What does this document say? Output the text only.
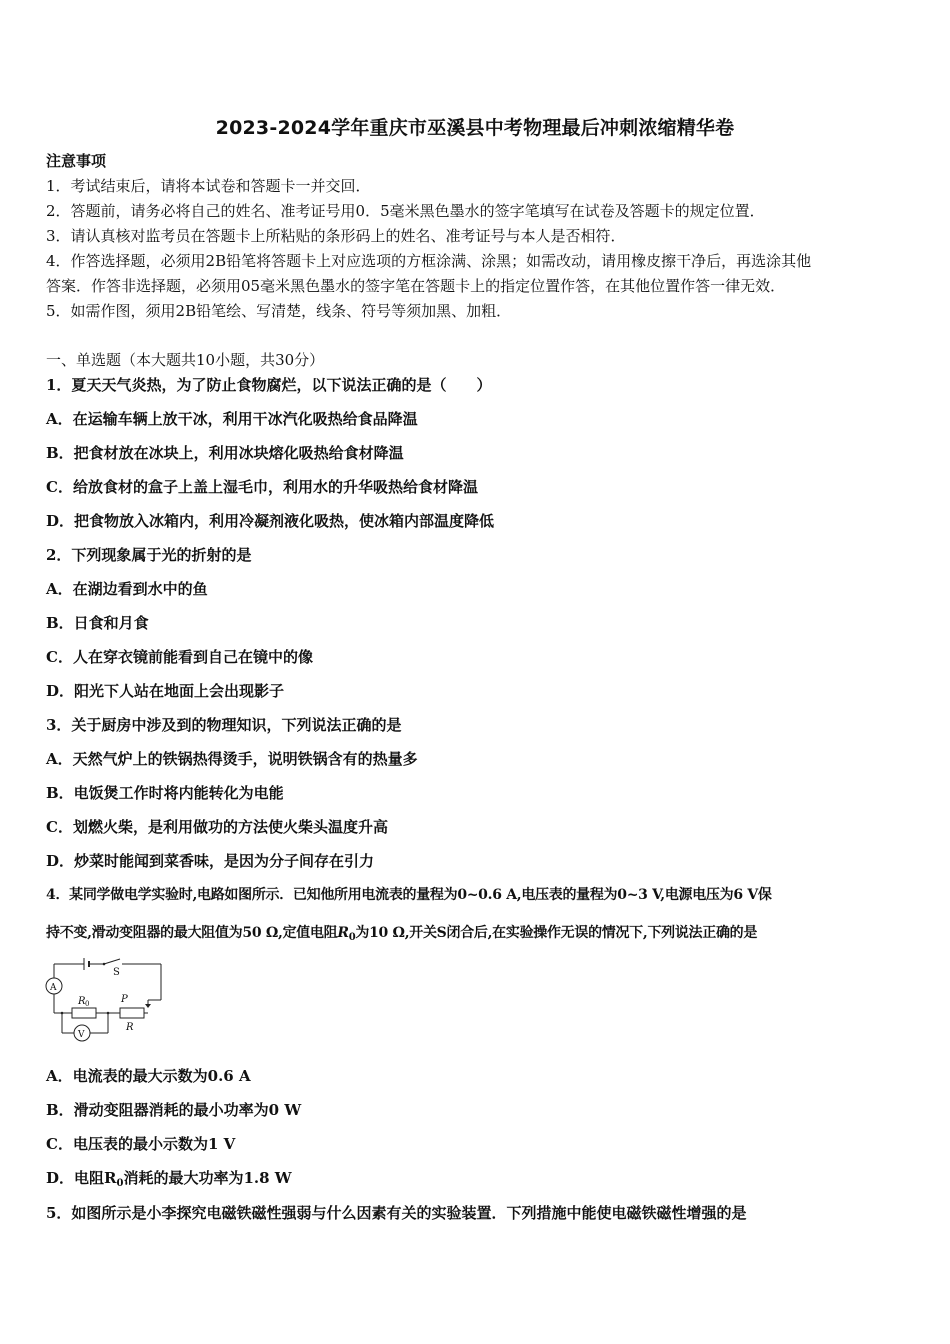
2023-2024学年重庆市巫溪县中考物理最后冲刺浓缩精华卷
注意事项
1．考试结束后，请将本试卷和答题卡一并交回．
2．答题前，请务必将自己的姓名、准考证号用0．5毫米黑色墨水的签字笔填写在试卷及答题卡的规定位置．
3．请认真核对监考员在答题卡上所粘贴的条形码上的姓名、准考证号与本人是否相符．
4．作答选择题，必须用2B铅笔将答题卡上对应选项的方框涂满、涂黑；如需改动，请用橡皮擦干净后，再选涂其他
答案．作答非选择题，必须用05毫米黑色墨水的签字笔在答题卡上的指定位置作答，在其他位置作答一律无效．
5．如需作图，须用2B铅笔绘、写清楚，线条、符号等须加黑、加粗．
一、单选题（本大题共10小题，共30分）
1．夏天天气炎热，为了防止食物腐烂，以下说法正确的是（　　）
A．在运输车辆上放干冰，利用干冰汽化吸热给食品降温
B．把食材放在冰块上，利用冰块熔化吸热给食材降温
C．给放食材的盒子上盖上湿毛巾，利用水的升华吸热给食材降温
D．把食物放入冰箱内，利用冷凝剂液化吸热，使冰箱内部温度降低
2．下列现象属于光的折射的是
A．在湖边看到水中的鱼
B．日食和月食
C．人在穿衣镜前能看到自己在镜中的像
D．阳光下人站在地面上会出现影子
3．关于厨房中涉及到的物理知识，下列说法正确的是
A．天然气炉上的铁锅热得烫手，说明铁锅含有的热量多
B．电饭煲工作时将内能转化为电能
C．划燃火柴，是利用做功的方法使火柴头温度升高
D．炒菜时能闻到菜香味，是因为分子间存在引力
4．某同学做电学实验时,电路如图所示．已知他所用电流表的量程为0~0.6 A,电压表的量程为0~3 V,电源电压为6 V保
持不变,滑动变阻器的最大阻值为50 Ω,定值电阻$R_0$为10 Ω,开关S闭合后,在实验操作无误的情况下,下列说法正确的是
S
A
V
R 0	P
R
A．电流表的最大示数为0.6 A
B．滑动变阻器消耗的最小功率为0 W
C．电压表的最小示数为1 V
D．电阻$R_0$消耗的最大功率为1.8 W
5．如图所示是小李探究电磁铁磁性强弱与什么因素有关的实验装置．下列措施中能使电磁铁磁性增强的是
